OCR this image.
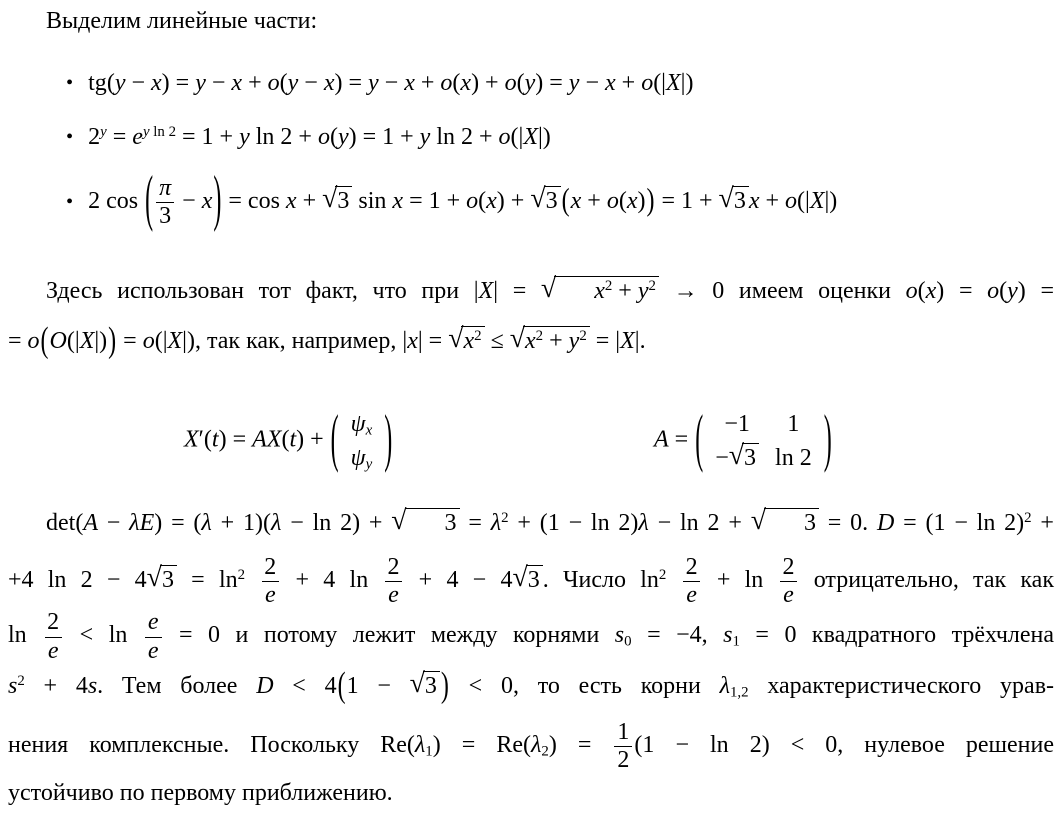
Выделим линейные части:
• tg(y − x) = y − x + o(y − x) = y − x + o(x) + o(y) = y − x + o(|X|)
• $2^y = e^{y ln 2} = 1 + y$ ln 2 + o(y) = 1 + y ln 2 + o(|X|)
• 2 cos ( $\frac{\pi}{3} - x) = \cos x + √3$ sin x = 1 + o(x) + √3 (x + o(x)) = 1 + √3 x + o(|X|)
Здесь использован тот факт, что при |X| = √ $x^2 + y^2 \to 0$ имеем оценки o(x) = o(y) =
= o(O(|X|)) = o(|X|), так как, например, $|x| = √x^2 \le √x^2 + y^2 = |X|$.
X′(t) = AX(t) + ( ψx
ψy )	A = ( −1	1
−√3	ln 2 )
det(A − λE) = (λ + 1)(λ − ln 2) + √ $3 = \lambda^2 + (1 - \ln 2)\lambda - \ln 2$ + √ 3 = 0. $D = (1 - \ln 2)^2$ +
+4 $\ln 2 - 4√3 = \ln^2 \frac{2}{e} + 4$ $\ln \frac{2}{e} + 4 - 4√3$ . Число $\ln^2 \frac{2}{e} + \ln \frac{2}{e}$ отрицательно, так как
$\ln \frac{2}{e} < \ln \frac{e}{e} = 0$ и потому лежит между корнями s0 = −4, s1 = 0 квадратного трёхчлена
$s^2 + 4s$. Тем более D < 4(1 − √3 ) < 0, то есть корни λ1,2 характеристического урав-
нения комплексные. Поскольку $Re(\lambda 1) = Re(\lambda 2) = \frac{1}{2} (1 - \ln 2) < 0$, нулевое решение
устойчиво по первому приближению.
